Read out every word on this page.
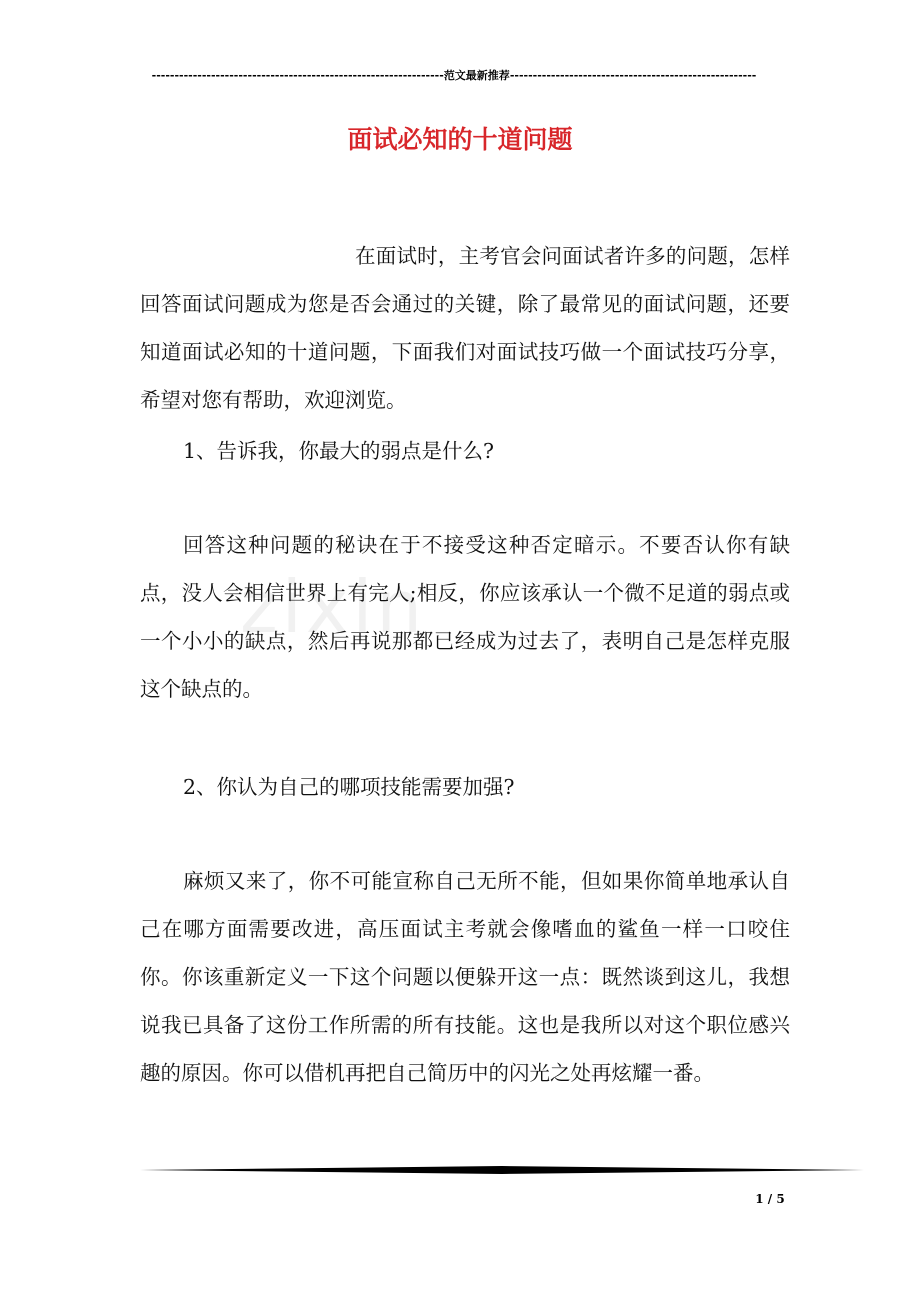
----------------------------------------------------------------范文最新推荐------------------------------------------------------
面试必知的十道问题
zixin

在面试时，主考官会问面试者许多的问题，怎样回答面试问题成为您是否会通过的关键，除了最常见的面试问题，还要知道面试必知的十道问题，下面我们对面试技巧做一个面试技巧分享，希望对您有帮助，欢迎浏览。

1、告诉我，你最大的弱点是什么?

回答这种问题的秘诀在于不接受这种否定暗示。不要否认你有缺点，没人会相信世界上有完人;相反，你应该承认一个微不足道的弱点或一个小小的缺点，然后再说那都已经成为过去了，表明自己是怎样克服这个缺点的。

2、你认为自己的哪项技能需要加强?

麻烦又来了，你不可能宣称自己无所不能，但如果你简单地承认自己在哪方面需要改进，高压面试主考就会像嗜血的鲨鱼一样一口咬住你。你该重新定义一下这个问题以便躲开这一点：既然谈到这儿，我想说我已具备了这份工作所需的所有技能。这也是我所以对这个职位感兴趣的原因。你可以借机再把自己简历中的闪光之处再炫耀一番。

1 / 5
